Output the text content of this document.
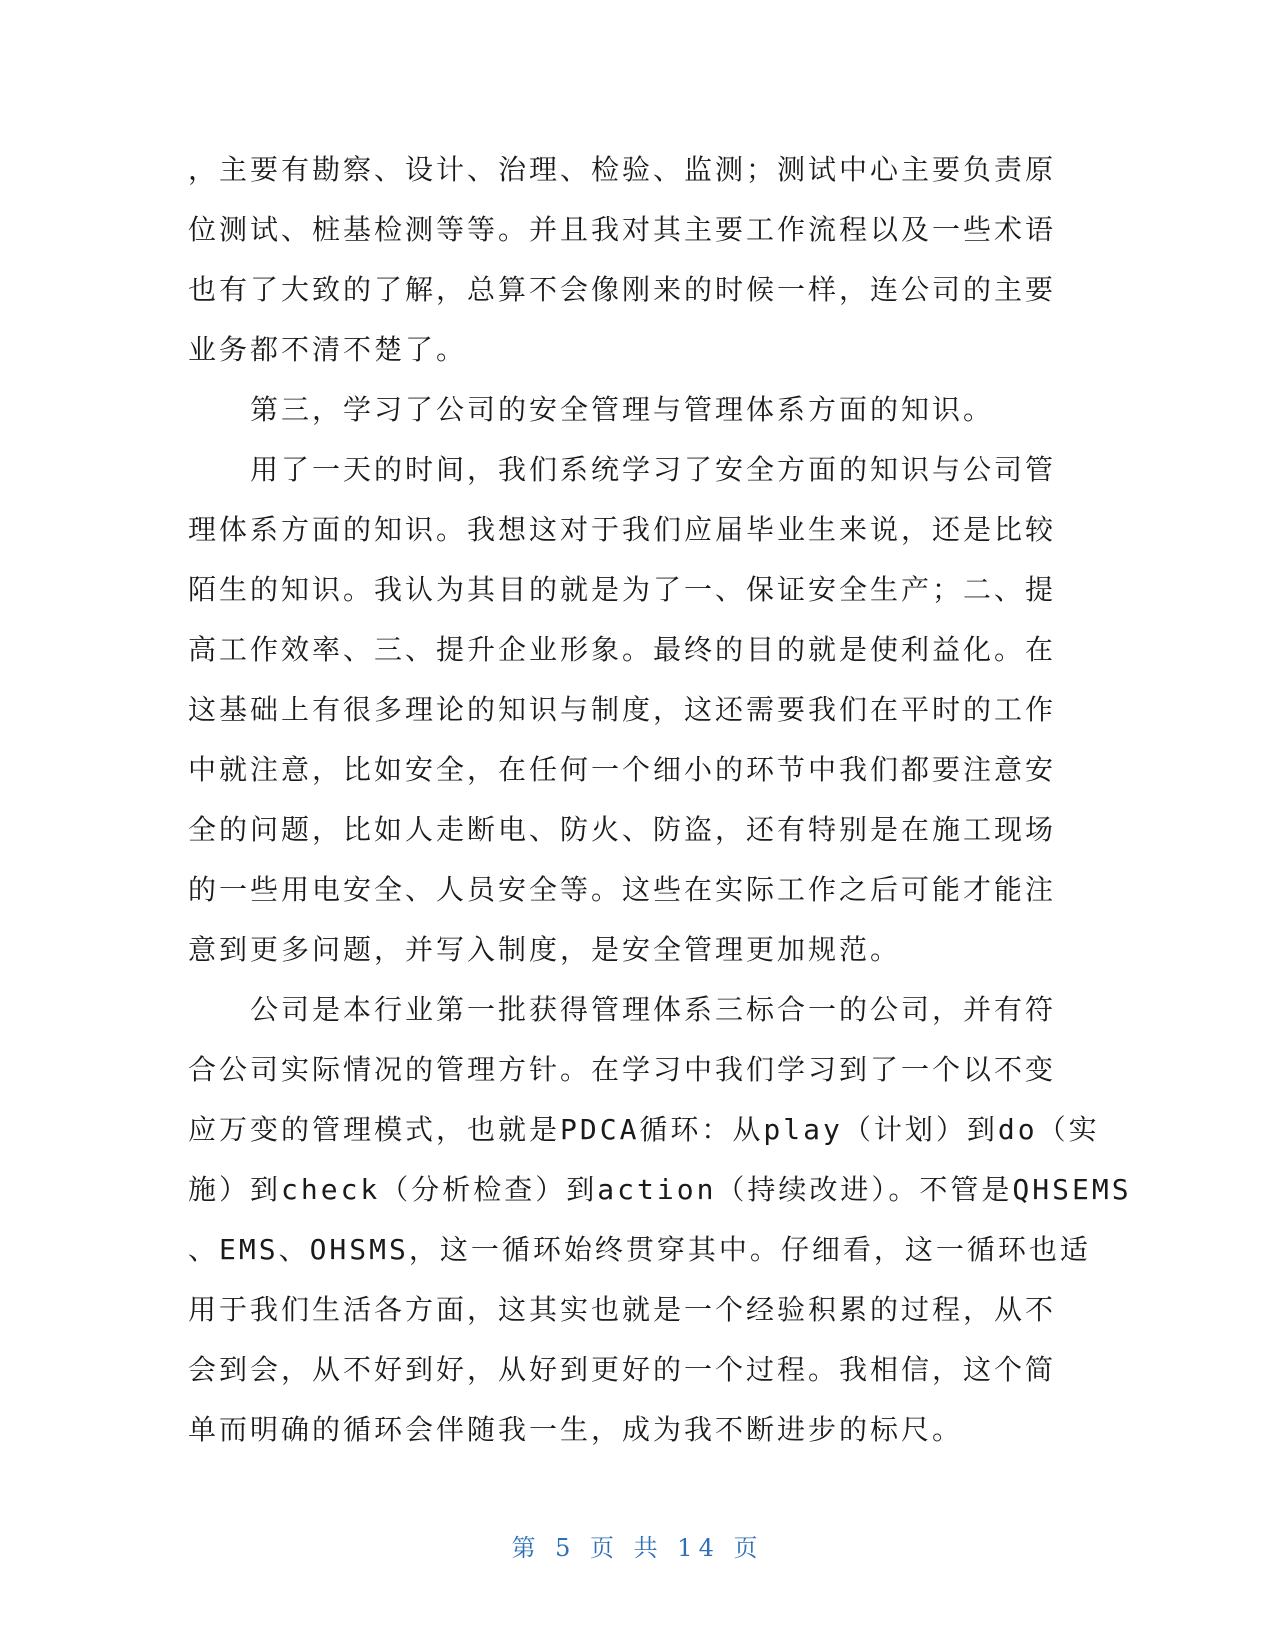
，主要有勘察、设计、治理、检验、监测；测试中心主要负责原
位测试、桩基检测等等。并且我对其主要工作流程以及一些术语
也有了大致的了解，总算不会像刚来的时候一样，连公司的主要
业务都不清不楚了。
　　第三，学习了公司的安全管理与管理体系方面的知识。
　　用了一天的时间，我们系统学习了安全方面的知识与公司管
理体系方面的知识。我想这对于我们应届毕业生来说，还是比较
陌生的知识。我认为其目的就是为了一、保证安全生产；二、提
高工作效率、三、提升企业形象。最终的目的就是使利益化。在
这基础上有很多理论的知识与制度，这还需要我们在平时的工作
中就注意，比如安全，在任何一个细小的环节中我们都要注意安
全的问题，比如人走断电、防火、防盗，还有特别是在施工现场
的一些用电安全、人员安全等。这些在实际工作之后可能才能注
意到更多问题，并写入制度，是安全管理更加规范。
　　公司是本行业第一批获得管理体系三标合一的公司，并有符
合公司实际情况的管理方针。在学习中我们学习到了一个以不变
应万变的管理模式，也就是PDCA循环：从play（计划）到do（实
施）到check（分析检查）到action（持续改进）。不管是QHSEMS
、EMS、OHSMS，这一循环始终贯穿其中。仔细看，这一循环也适
用于我们生活各方面，这其实也就是一个经验积累的过程，从不
会到会，从不好到好，从好到更好的一个过程。我相信，这个简
单而明确的循环会伴随我一生，成为我不断进步的标尺。
第 5 页 共 14 页
